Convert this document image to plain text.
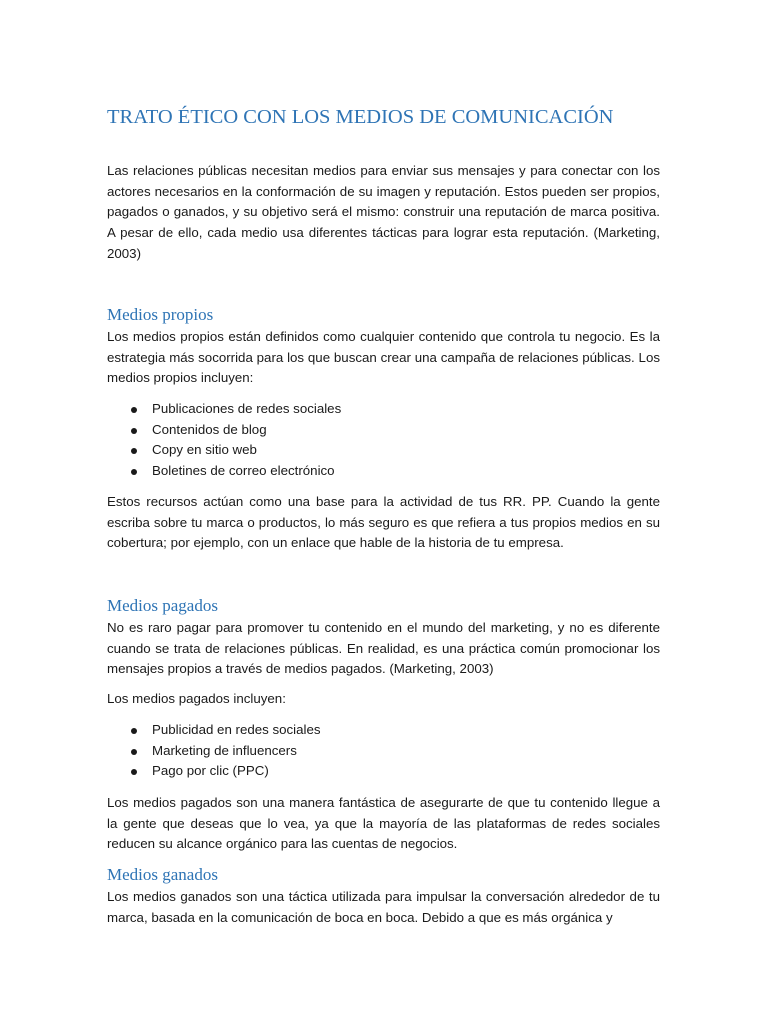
TRATO ÉTICO CON LOS MEDIOS DE COMUNICACIÓN

Las relaciones públicas necesitan medios para enviar sus mensajes y para conectar con los actores necesarios en la conformación de su imagen y reputación. Estos pueden ser propios, pagados o ganados, y su objetivo será el mismo: construir una reputación de marca positiva. A pesar de ello, cada medio usa diferentes tácticas para lograr esta reputación. (Marketing, 2003)

Medios propios

Los medios propios están definidos como cualquier contenido que controla tu negocio. Es la estrategia más socorrida para los que buscan crear una campaña de relaciones públicas. Los medios propios incluyen:

Publicaciones de redes sociales
Contenidos de blog
Copy en sitio web
Boletines de correo electrónico

Estos recursos actúan como una base para la actividad de tus RR. PP. Cuando la gente escriba sobre tu marca o productos, lo más seguro es que refiera a tus propios medios en su cobertura; por ejemplo, con un enlace que hable de la historia de tu empresa.

Medios pagados

No es raro pagar para promover tu contenido en el mundo del marketing, y no es diferente cuando se trata de relaciones públicas. En realidad, es una práctica común promocionar los mensajes propios a través de medios pagados. (Marketing, 2003)

Los medios pagados incluyen:

Publicidad en redes sociales
Marketing de influencers
Pago por clic (PPC)

Los medios pagados son una manera fantástica de asegurarte de que tu contenido llegue a la gente que deseas que lo vea, ya que la mayoría de las plataformas de redes sociales reducen su alcance orgánico para las cuentas de negocios.

Medios ganados

Los medios ganados son una táctica utilizada para impulsar la conversación alrededor de tu marca, basada en la comunicación de boca en boca. Debido a que es más orgánica y
